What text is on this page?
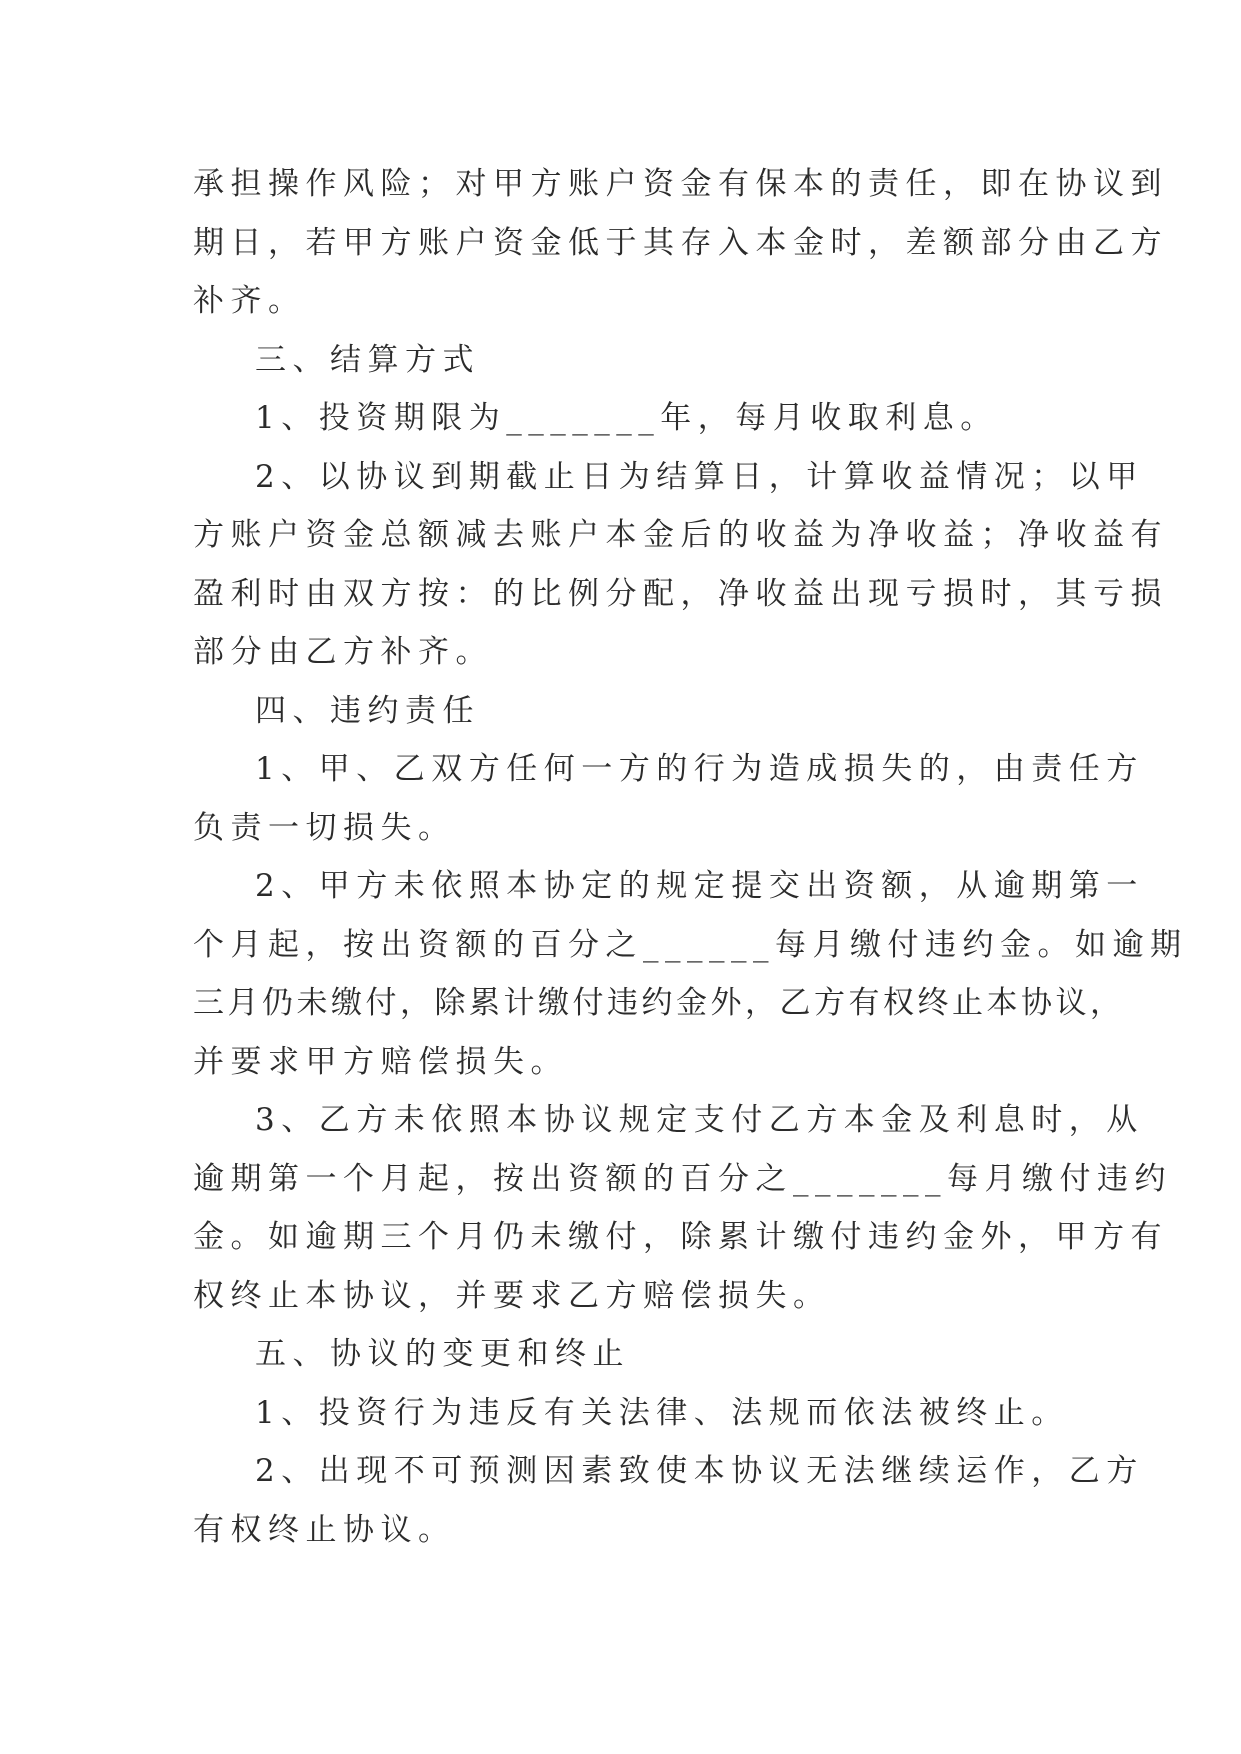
承担操作风险；对甲方账户资金有保本的责任，即在协议到
期日，若甲方账户资金低于其存入本金时，差额部分由乙方
补齐。
三、结算方式
1、投资期限为_______年，每月收取利息。
2、以协议到期截止日为结算日，计算收益情况；以甲
方账户资金总额减去账户本金后的收益为净收益；净收益有
盈利时由双方按：的比例分配，净收益出现亏损时，其亏损
部分由乙方补齐。
四、违约责任
1、甲、乙双方任何一方的行为造成损失的，由责任方
负责一切损失。
2、甲方未依照本协定的规定提交出资额，从逾期第一
个月起，按出资额的百分之______每月缴付违约金。如逾期
三月仍未缴付，除累计缴付违约金外，乙方有权终止本协议，
并要求甲方赔偿损失。
3、乙方未依照本协议规定支付乙方本金及利息时，从
逾期第一个月起，按出资额的百分之_______每月缴付违约
金。如逾期三个月仍未缴付，除累计缴付违约金外，甲方有
权终止本协议，并要求乙方赔偿损失。
五、协议的变更和终止
1、投资行为违反有关法律、法规而依法被终止。
2、出现不可预测因素致使本协议无法继续运作，乙方
有权终止协议。
